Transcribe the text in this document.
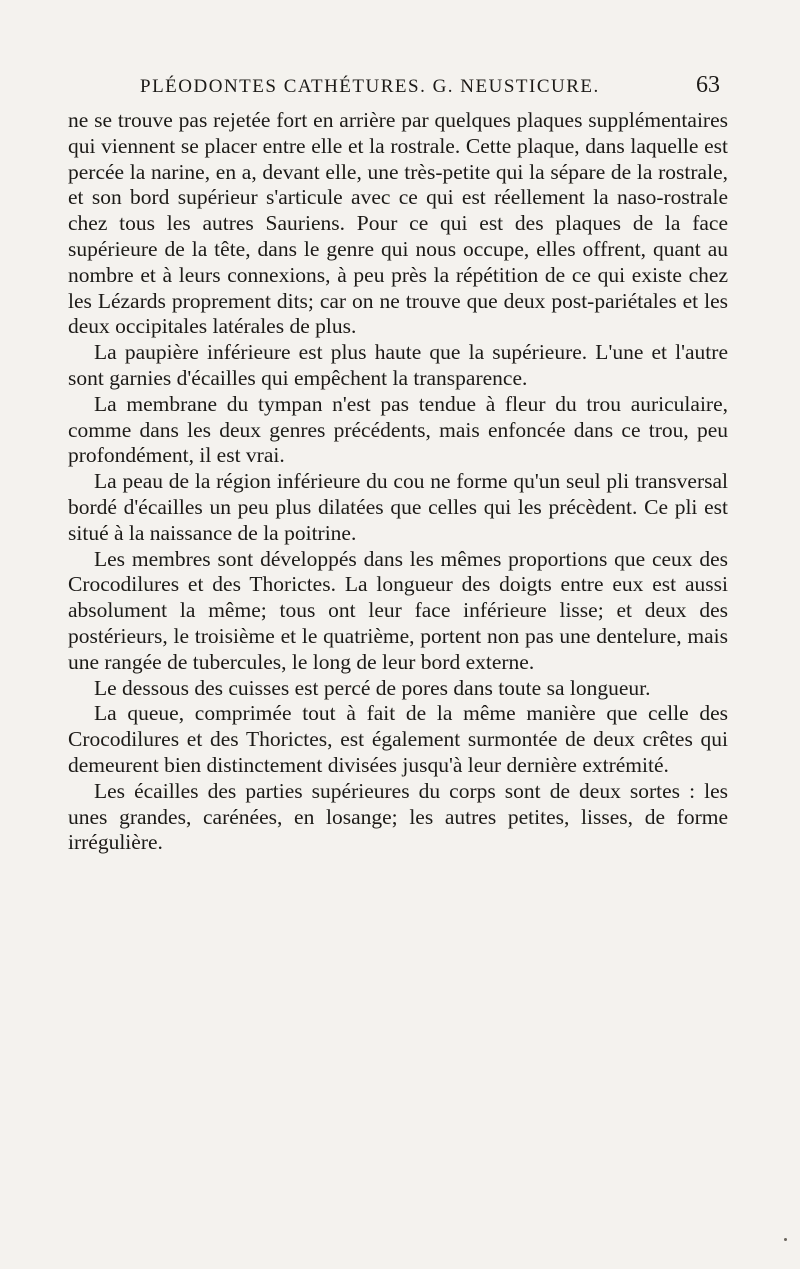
PLÉODONTES CATHÉTURES. G. NEUSTICURE.	63

ne se trouve pas rejetée fort en arrière par quelques plaques supplémentaires qui viennent se placer entre elle et la rostrale. Cette plaque, dans laquelle est percée la narine, en a, devant elle, une très-petite qui la sépare de la rostrale, et son bord supérieur s'articule avec ce qui est réellement la naso-rostrale chez tous les autres Sauriens. Pour ce qui est des plaques de la face supérieure de la tête, dans le genre qui nous occupe, elles offrent, quant au nombre et à leurs connexions, à peu près la répétition de ce qui existe chez les Lézards proprement dits; car on ne trouve que deux post-pariétales et les deux occipitales latérales de plus.

La paupière inférieure est plus haute que la supérieure. L'une et l'autre sont garnies d'écailles qui empêchent la transparence.

La membrane du tympan n'est pas tendue à fleur du trou auriculaire, comme dans les deux genres précédents, mais enfoncée dans ce trou, peu profondément, il est vrai.

La peau de la région inférieure du cou ne forme qu'un seul pli transversal bordé d'écailles un peu plus dilatées que celles qui les précèdent. Ce pli est situé à la naissance de la poitrine.

Les membres sont développés dans les mêmes proportions que ceux des Crocodilures et des Thorictes. La longueur des doigts entre eux est aussi absolument la même; tous ont leur face inférieure lisse; et deux des postérieurs, le troisième et le quatrième, portent non pas une dentelure, mais une rangée de tubercules, le long de leur bord externe.

Le dessous des cuisses est percé de pores dans toute sa longueur.

La queue, comprimée tout à fait de la même manière que celle des Crocodilures et des Thorictes, est également surmontée de deux crêtes qui demeurent bien distinctement divisées jusqu'à leur dernière extrémité.

Les écailles des parties supérieures du corps sont de deux sortes : les unes grandes, carénées, en losange; les autres petites, lisses, de forme irrégulière.
